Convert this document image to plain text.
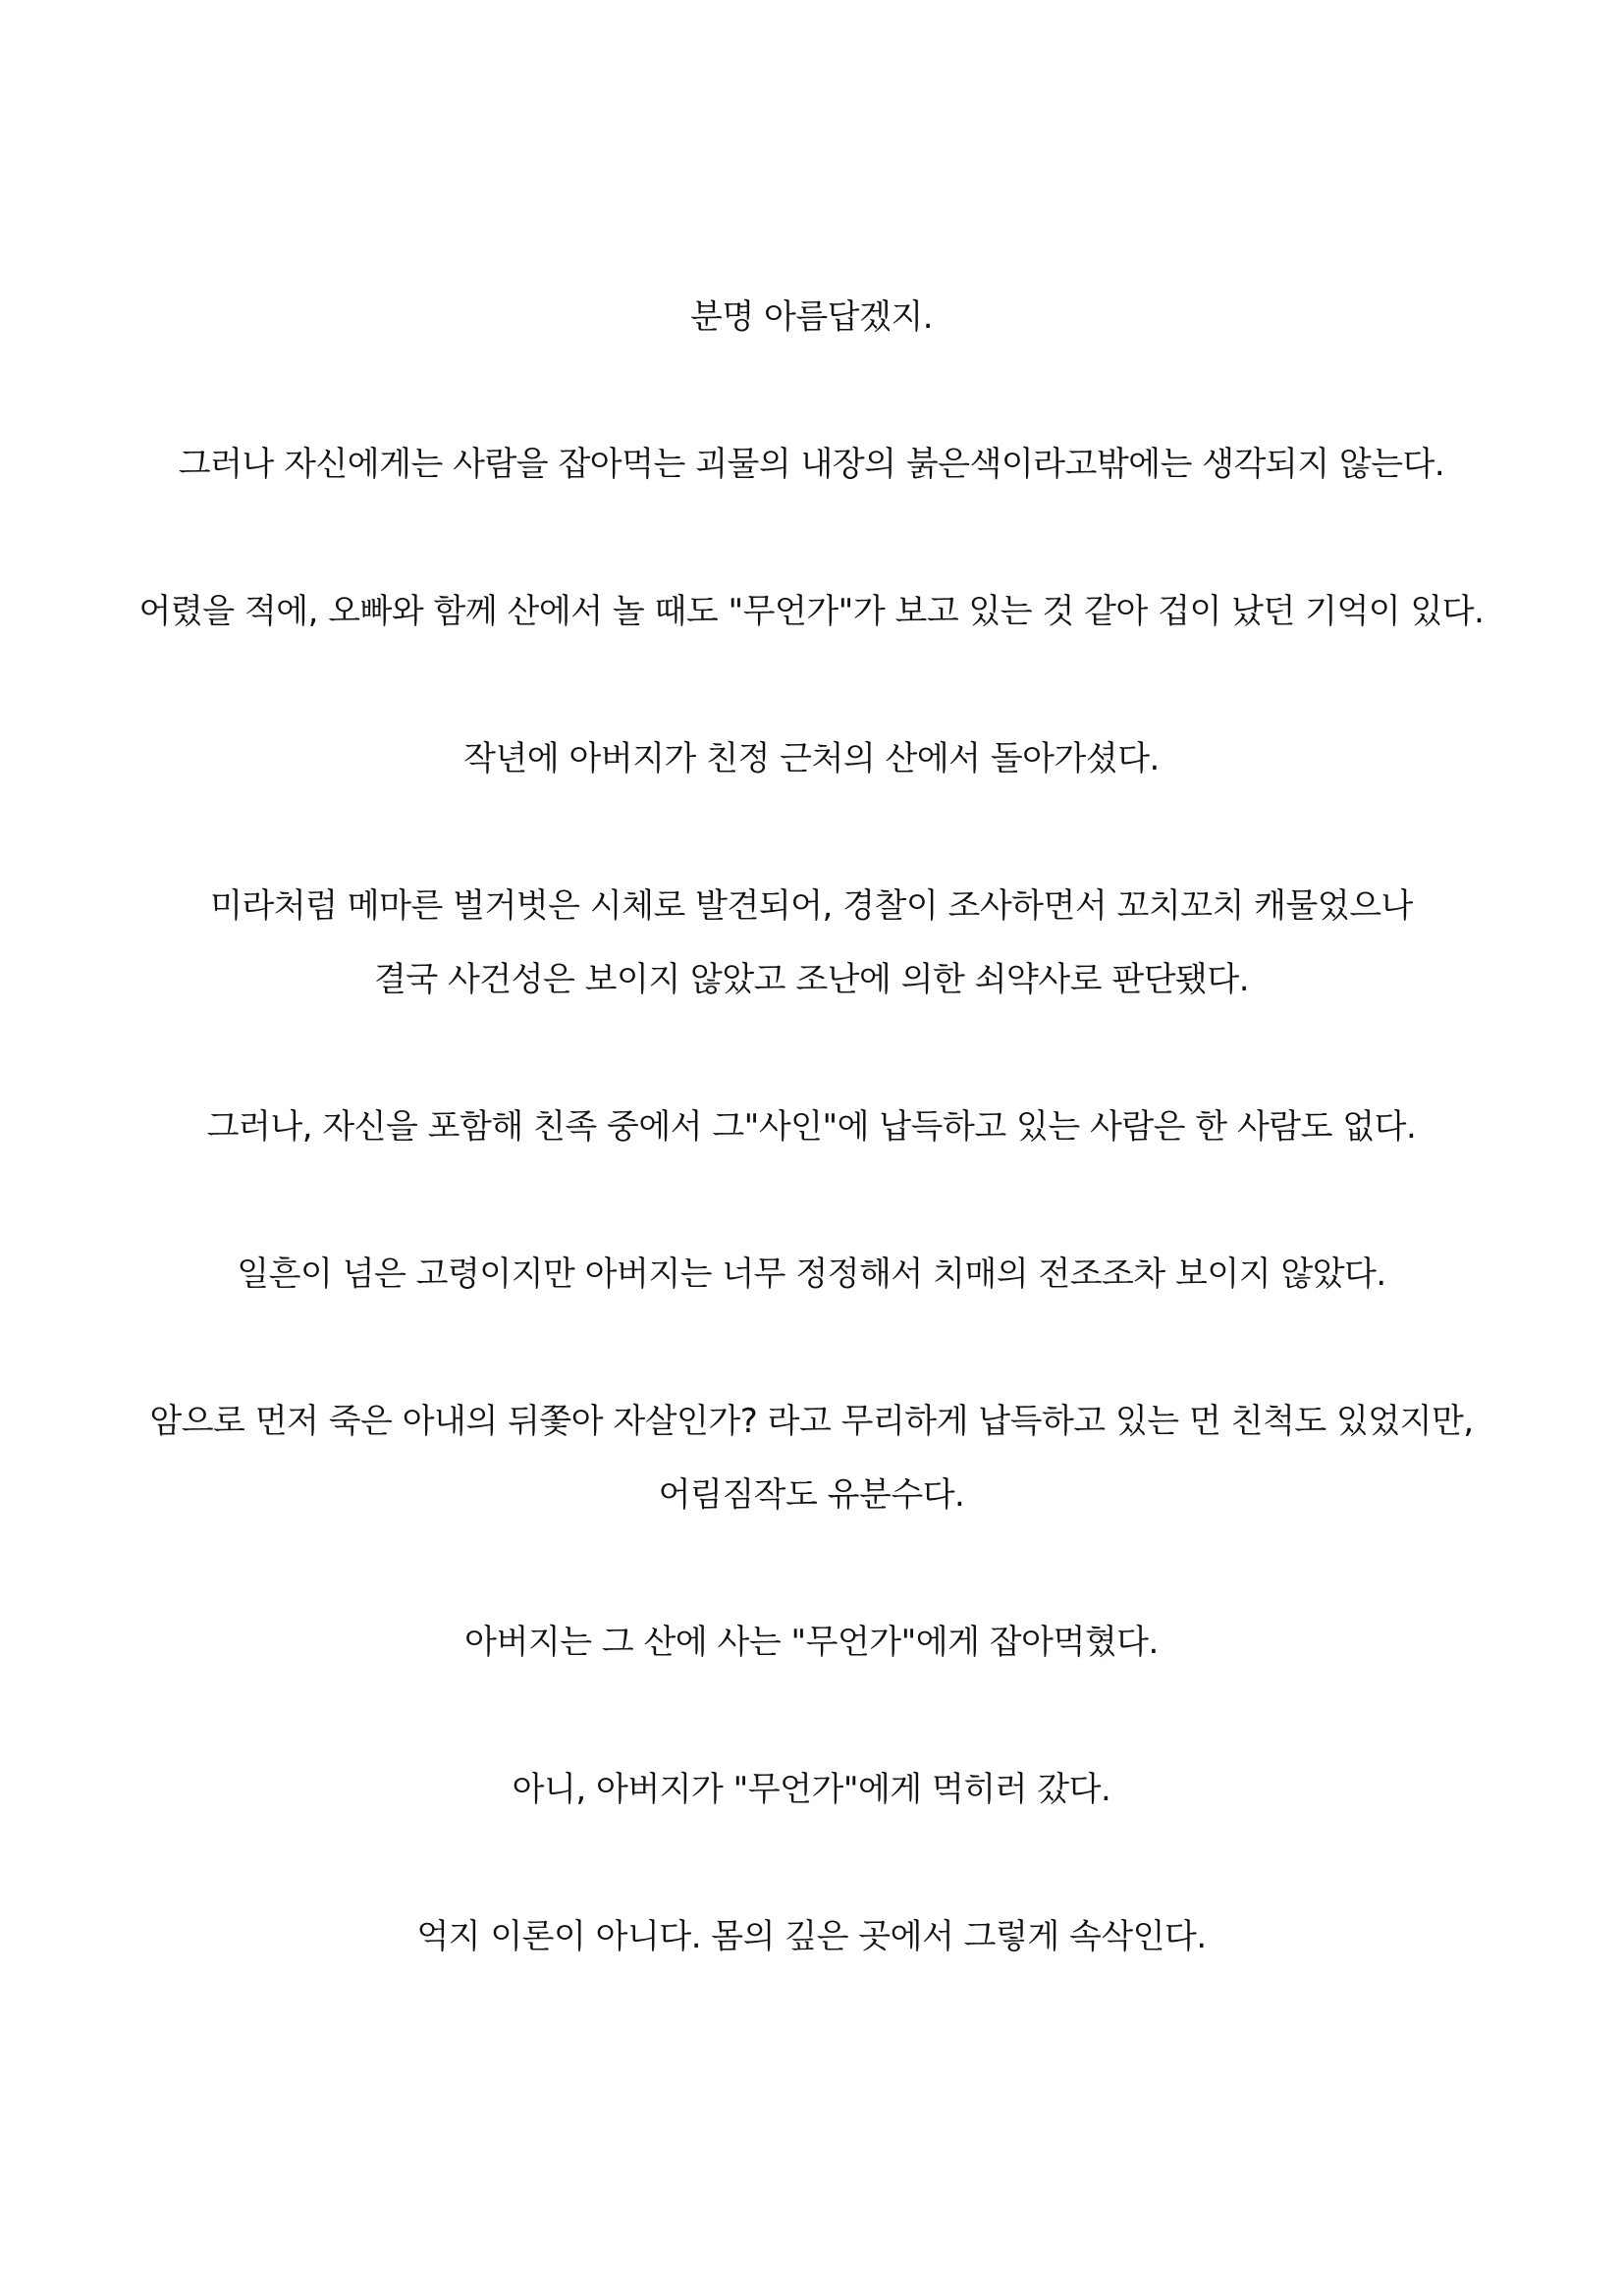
분명 아름답겠지.
그러나 자신에게는 사람을 잡아먹는 괴물의 내장의 붉은색이라고밖에는 생각되지 않는다.
어렸을 적에, 오빠와 함께 산에서 놀 때도 "무언가"가 보고 있는 것 같아 겁이 났던 기억이 있다.
작년에 아버지가 친정 근처의 산에서 돌아가셨다.
미라처럼 메마른 벌거벗은 시체로 발견되어, 경찰이 조사하면서 꼬치꼬치 캐물었으나
결국 사건성은 보이지 않았고 조난에 의한 쇠약사로 판단됐다.
그러나, 자신을 포함해 친족 중에서 그"사인"에 납득하고 있는 사람은 한 사람도 없다.
일흔이 넘은 고령이지만 아버지는 너무 정정해서 치매의 전조조차 보이지 않았다.
암으로 먼저 죽은 아내의 뒤쫓아 자살인가? 라고 무리하게 납득하고 있는 먼 친척도 있었지만,
어림짐작도 유분수다.
아버지는 그 산에 사는 "무언가"에게 잡아먹혔다.
아니, 아버지가 "무언가"에게 먹히러 갔다.
억지 이론이 아니다. 몸의 깊은 곳에서 그렇게 속삭인다.
